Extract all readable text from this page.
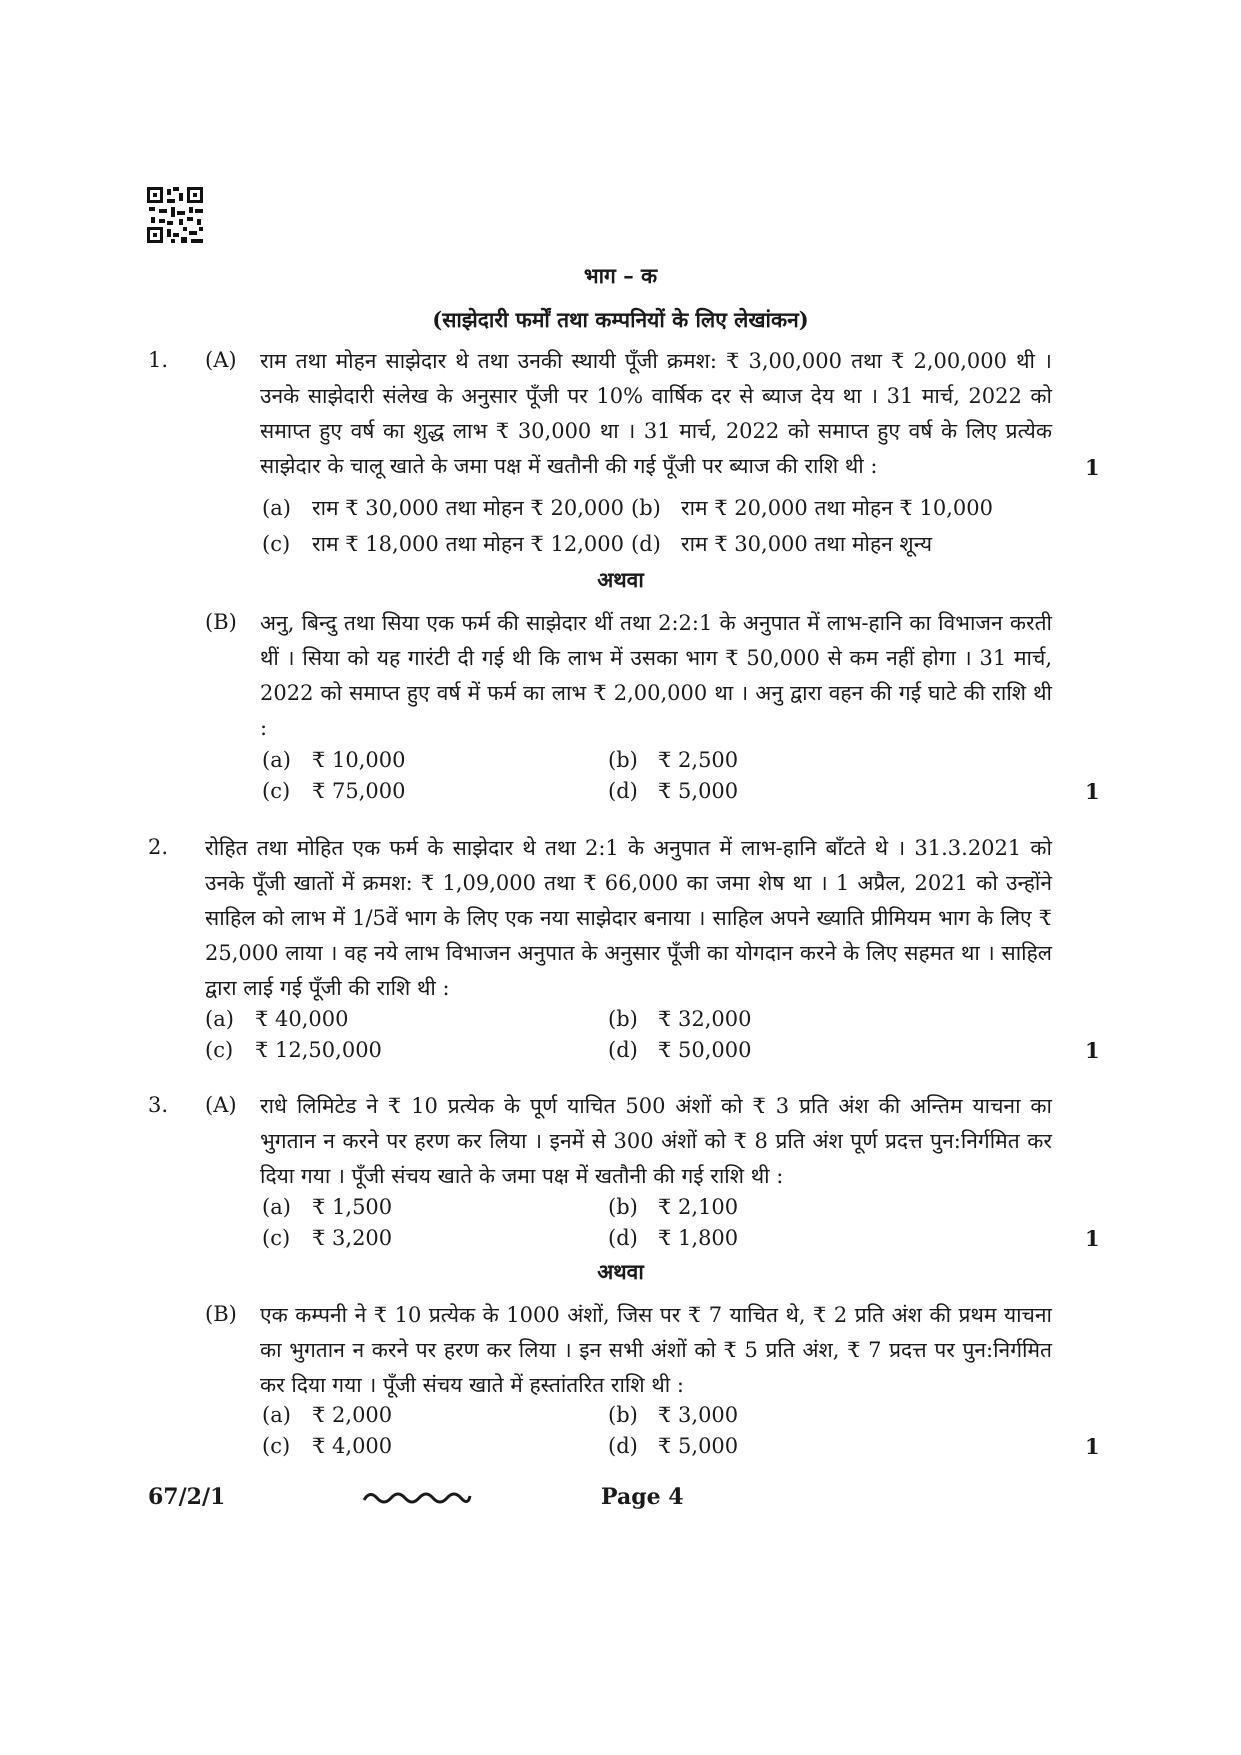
भाग – क
(साझेदारी फर्मों तथा कम्पनियों के लिए लेखांकन)
1. (A) राम तथा मोहन साझेदार थे तथा उनकी स्थायी पूँजी क्रमश: ₹ 3,00,000 तथा ₹ 2,00,000 थी । उनके साझेदारी संलेख के अनुसार पूँजी पर 10% वार्षिक दर से ब्याज देय था । 31 मार्च, 2022 को समाप्त हुए वर्ष का शुद्ध लाभ ₹ 30,000 था । 31 मार्च, 2022 को समाप्त हुए वर्ष के लिए प्रत्येक साझेदार के चालू खाते के जमा पक्ष में खतौनी की गई पूँजी पर ब्याज की राशि थी :	1
(a) राम ₹ 30,000 तथा मोहन ₹ 20,000 (b) राम ₹ 20,000 तथा मोहन ₹ 10,000
(c) राम ₹ 18,000 तथा मोहन ₹ 12,000 (d) राम ₹ 30,000 तथा मोहन शून्य
अथवा
(B) अनु, बिन्दु तथा सिया एक फर्म की साझेदार थीं तथा 2:2:1 के अनुपात में लाभ-हानि का विभाजन करती थीं । सिया को यह गारंटी दी गई थी कि लाभ में उसका भाग ₹ 50,000 से कम नहीं होगा । 31 मार्च, 2022 को समाप्त हुए वर्ष में फर्म का लाभ ₹ 2,00,000 था । अनु द्वारा वहन की गई घाटे की राशि थी :
(a) ₹ 10,000	(b) ₹ 2,500
(c) ₹ 75,000	(d) ₹ 5,000	1
2. रोहित तथा मोहित एक फर्म के साझेदार थे तथा 2:1 के अनुपात में लाभ-हानि बाँटते थे । 31.3.2021 को उनके पूँजी खातों में क्रमश: ₹ 1,09,000 तथा ₹ 66,000 का जमा शेष था । 1 अप्रैल, 2021 को उन्होंने साहिल को लाभ में 1/5वें भाग के लिए एक नया साझेदार बनाया । साहिल अपने ख्याति प्रीमियम भाग के लिए ₹ 25,000 लाया । वह नये लाभ विभाजन अनुपात के अनुसार पूँजी का योगदान करने के लिए सहमत था । साहिल द्वारा लाई गई पूँजी की राशि थी :
(a) ₹ 40,000	(b) ₹ 32,000
(c) ₹ 12,50,000	(d) ₹ 50,000	1
3. (A) राधे लिमिटेड ने ₹ 10 प्रत्येक के पूर्ण याचित 500 अंशों को ₹ 3 प्रति अंश की अन्तिम याचना का भुगतान न करने पर हरण कर लिया । इनमें से 300 अंशों को ₹ 8 प्रति अंश पूर्ण प्रदत्त पुन:निर्गमित कर दिया गया । पूँजी संचय खाते के जमा पक्ष में खतौनी की गई राशि थी :
(a) ₹ 1,500	(b) ₹ 2,100
(c) ₹ 3,200	(d) ₹ 1,800	1
अथवा
(B) एक कम्पनी ने ₹ 10 प्रत्येक के 1000 अंशों, जिस पर ₹ 7 याचित थे, ₹ 2 प्रति अंश की प्रथम याचना का भुगतान न करने पर हरण कर लिया । इन सभी अंशों को ₹ 5 प्रति अंश, ₹ 7 प्रदत्त पर पुन:निर्गमित कर दिया गया । पूँजी संचय खाते में हस्तांतरित राशि थी :
(a) ₹ 2,000	(b) ₹ 3,000
(c) ₹ 4,000	(d) ₹ 5,000	1
67/2/1	Page 4
